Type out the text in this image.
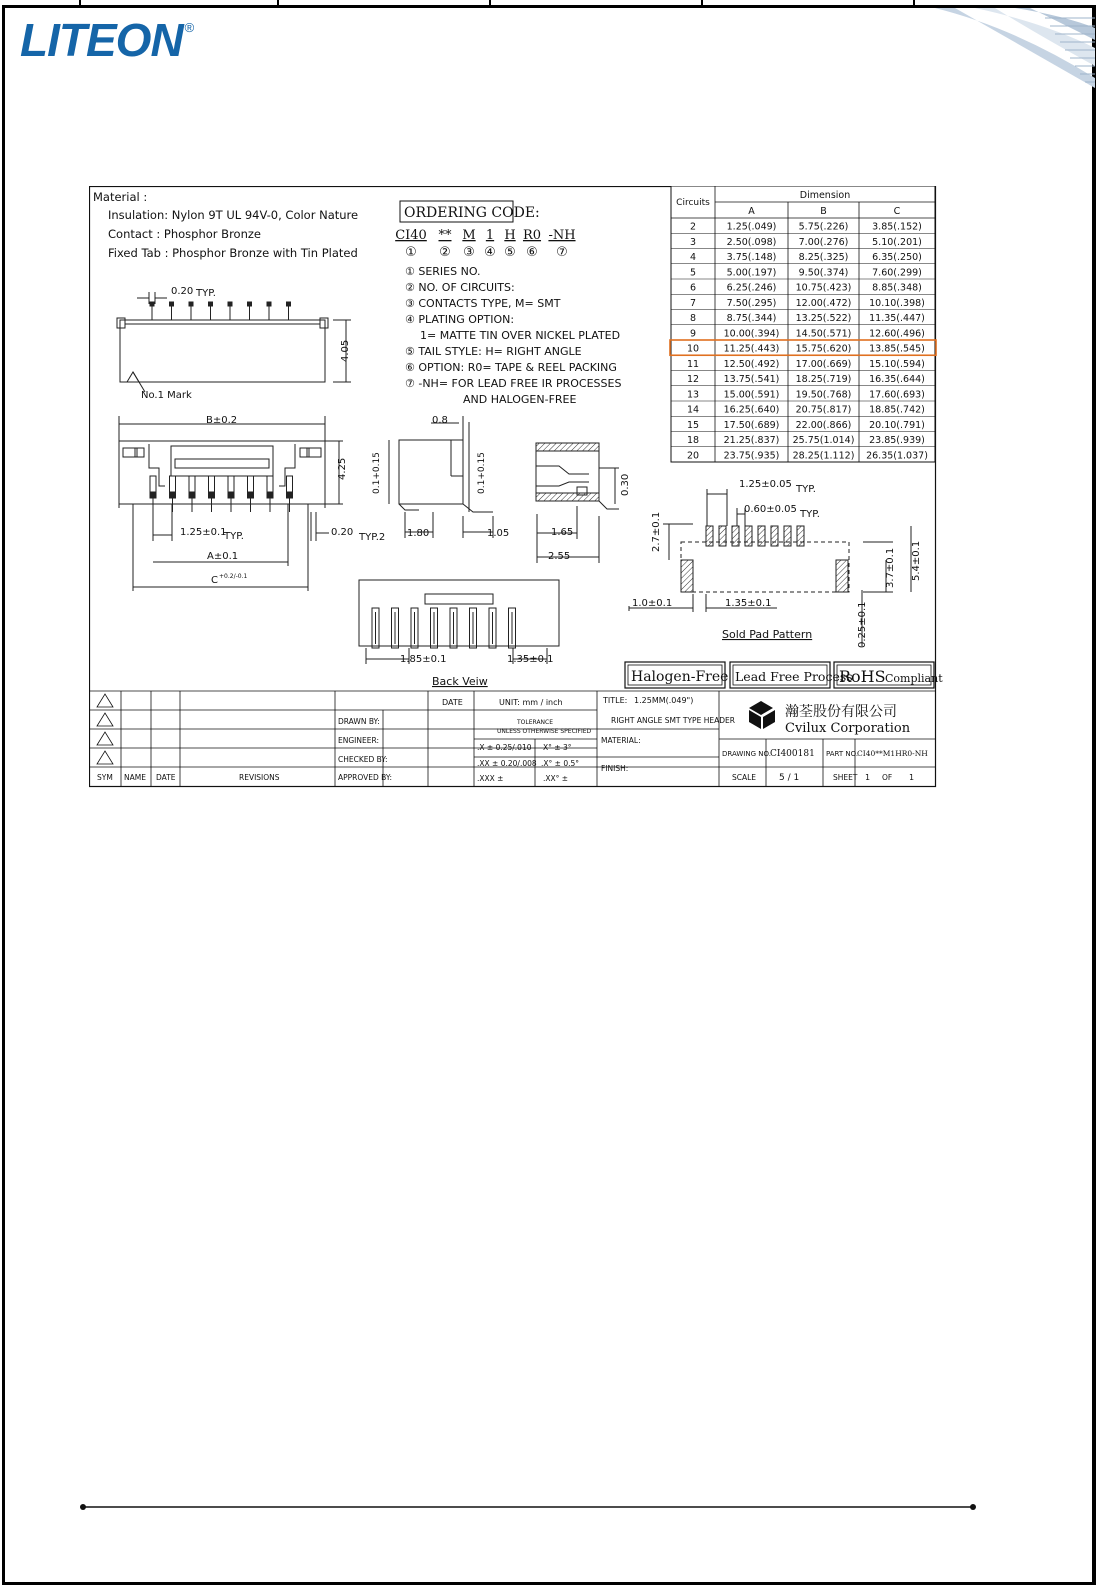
LITEON ®
Material :
Insulation: Nylon 9T UL 94V-0, Color Nature
Contact : Phosphor Bronze
Fixed Tab : Phosphor Bronze with Tin Plated
ORDERING CODE:
CI40
①
**
②
M
③
1
④
H
⑤
R0
⑥
-NH
⑦
① SERIES NO.
② NO. OF CIRCUITS:
③ CONTACTS TYPE, M= SMT
④ PLATING OPTION:
1= MATTE TIN OVER NICKEL PLATED
⑤ TAIL STYLE: H= RIGHT ANGLE
⑥ OPTION: R0= TAPE & REEL PACKING
⑦ -NH= FOR LEAD FREE IR PROCESSES
AND HALOGEN-FREE
0.20 TYP.
4.05
No.1 Mark
B±0.2
4.25
1.25±0.1
TYP.
A±0.1
C +0.2/-0.1
0.20 TYP.2
0.8
0.1+0.15	0.1+0.15
1.80	1.05
0.30
1.65
2.55
1.85±0.1	1.35±0.1
Back Veiw
1.25±0.05 TYP.
0.60±0.05 TYP.
2.7±0.1
3.7±0.1 5.4±0.1
1.0±0.1	1.35±0.1	0.25±0.1
Sold Pad Pattern
Circuits
Dimension
A	B	C
2	1.25(.049) 5.75(.226)	3.85(.152)
3	2.50(.098) 7.00(.276)	5.10(.201)
4	3.75(.148) 8.25(.325)	6.35(.250)
5	5.00(.197) 9.50(.374)	7.60(.299)
6	6.25(.246) 10.75(.423) 8.85(.348)
7	7.50(.295) 12.00(.472) 10.10(.398)
8	8.75(.344) 13.25(.522) 11.35(.447)
9	10.00(.394) 14.50(.571) 12.60(.496)
10	11.25(.443) 15.75(.620) 13.85(.545)
11	12.50(.492) 17.00(.669) 15.10(.594)
12	13.75(.541) 18.25(.719) 16.35(.644)
13	15.00(.591) 19.50(.768) 17.60(.693)
14	16.25(.640) 20.75(.817) 18.85(.742)
15	17.50(.689) 22.00(.866) 20.10(.791)
18	21.25(.837) 25.75(1.014) 23.85(.939)
20	23.75(.935) 28.25(1.112) 26.35(1.037)
Halogen-Free Lead Free Process
RoHS Compliant
DATE	UNIT: mm / inch	TITLE: 1.25MM(.049")
RIGHT ANGLE SMT TYPE HEADER
DRAWN BY:
ENGINEER:
CHECKED BY:
APPROVED BY:
TOLERANCE
UNLESS OTHERWISE SPECIFIED
.X ± 0.25/.010 X° ± 3°
.XX ± 0.20/.008 .X° ± 0.5°
.XXX ±	.XX° ±
MATERIAL:
FINISH:
瀚荃股份有限公司
Cvilux Corporation
DRAWING NO. CI400181 PART NO.
CI40**M1HR0-NH
SCALE	5 / 1	SHEET 1 OF 1
SYM NAME DATE	REVISIONS
